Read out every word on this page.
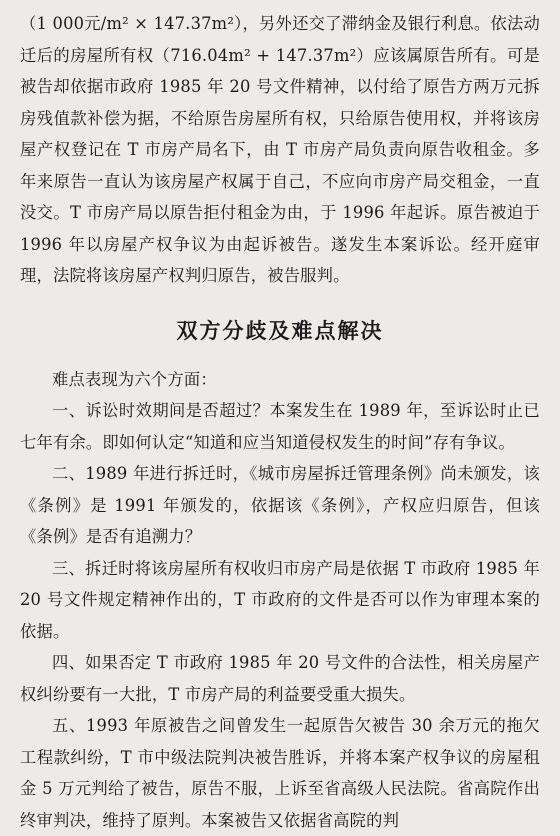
（1 000元/m² × 147.37m²），另外还交了滞纳金及银行利息。依法动迁后的房屋所有权（716.04m² + 147.37m²）应该属原告所有。可是被告却依据市政府 1985 年 20 号文件精神，以付给了原告方两万元拆房残值款补偿为据，不给原告房屋所有权，只给原告使用权，并将该房屋产权登记在 T 市房产局名下，由 T 市房产局负责向原告收租金。多年来原告一直认为该房屋产权属于自己，不应向市房产局交租金，一直没交。T 市房产局以原告拒付租金为由，于 1996 年起诉。原告被迫于 1996 年以房屋产权争议为由起诉被告。遂发生本案诉讼。经开庭审理，法院将该房屋产权判归原告，被告服判。

双方分歧及难点解决

难点表现为六个方面：

一、诉讼时效期间是否超过？本案发生在 1989 年，至诉讼时止已七年有余。即如何认定“知道和应当知道侵权发生的时间”存有争议。

二、1989 年进行拆迁时，《城市房屋拆迁管理条例》尚未颁发，该《条例》是 1991 年颁发的，依据该《条例》，产权应归原告，但该《条例》是否有追溯力？

三、拆迁时将该房屋所有权收归市房产局是依据 T 市政府 1985 年 20 号文件规定精神作出的，T 市政府的文件是否可以作为审理本案的依据。

四、如果否定 T 市政府 1985 年 20 号文件的合法性，相关房屋产权纠纷要有一大批，T 市房产局的利益要受重大损失。

五、1993 年原被告之间曾发生一起原告欠被告 30 余万元的拖欠工程款纠纷，T 市中级法院判决被告胜诉，并将本案产权争议的房屋租金 5 万元判给了被告，原告不服，上诉至省高级人民法院。省高院作出终审判决，维持了原判。本案被告又依据省高院的判
